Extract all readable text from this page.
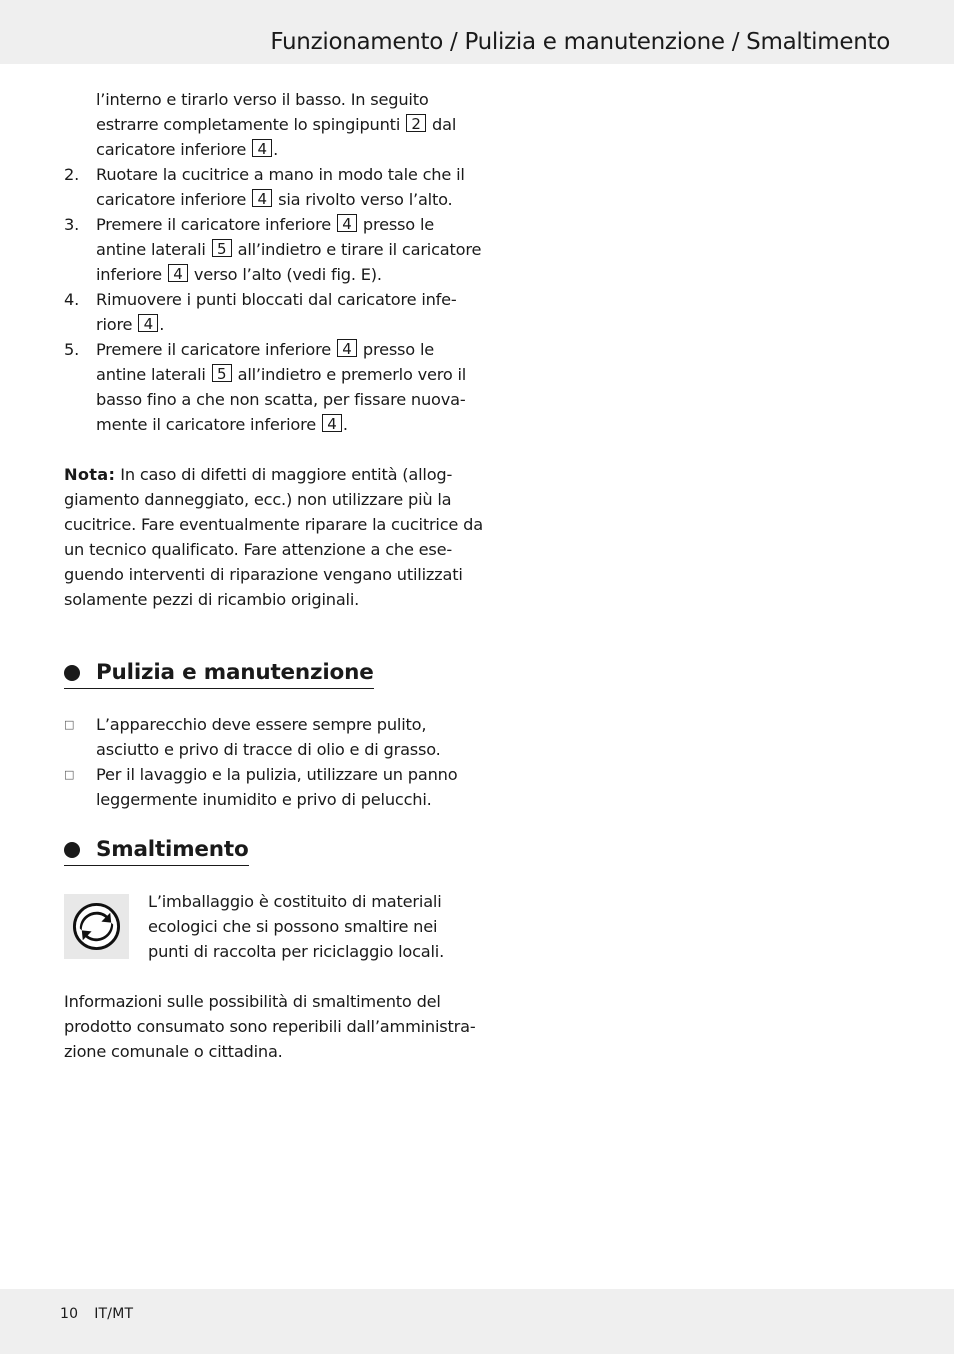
Funzionamento / Pulizia e manutenzione / Smaltimento
l’interno e tirarlo verso il basso. In seguito
estrarre completamente lo spingipunti 2 dal
caricatore inferiore 4 .
2. Ruotare la cucitrice a mano in modo tale che il
caricatore inferiore 4 sia rivolto verso l’alto.
3. Premere il caricatore inferiore 4 presso le
antine laterali 5 all’indietro e tirare il caricatore
inferiore 4 verso l’alto (vedi fig. E).
4. Rimuovere i punti bloccati dal caricatore infe-
riore 4 .
5. Premere il caricatore inferiore 4 presso le
antine laterali 5 all’indietro e premerlo vero il
basso fino a che non scatta, per fissare nuova-
mente il caricatore inferiore 4 .
Nota: In caso di difetti di maggiore entità (allog-
giamento danneggiato, ecc.) non utilizzare più la
cucitrice. Fare eventualmente riparare la cucitrice da
un tecnico qualificato. Fare attenzione a che ese-
guendo interventi di riparazione vengano utilizzati
solamente pezzi di ricambio originali.
Pulizia e manutenzione
□ L’apparecchio deve essere sempre pulito,
asciutto e privo di tracce di olio e di grasso.
□ Per il lavaggio e la pulizia, utilizzare un panno
leggermente inumidito e privo di pelucchi.
Smaltimento
L’imballaggio è costituito di materiali
ecologici che si possono smaltire nei
punti di raccolta per riciclaggio locali.
Informazioni sulle possibilità di smaltimento del
prodotto consumato sono reperibili dall’amministra-
zione comunale o cittadina.
10 IT/MT
